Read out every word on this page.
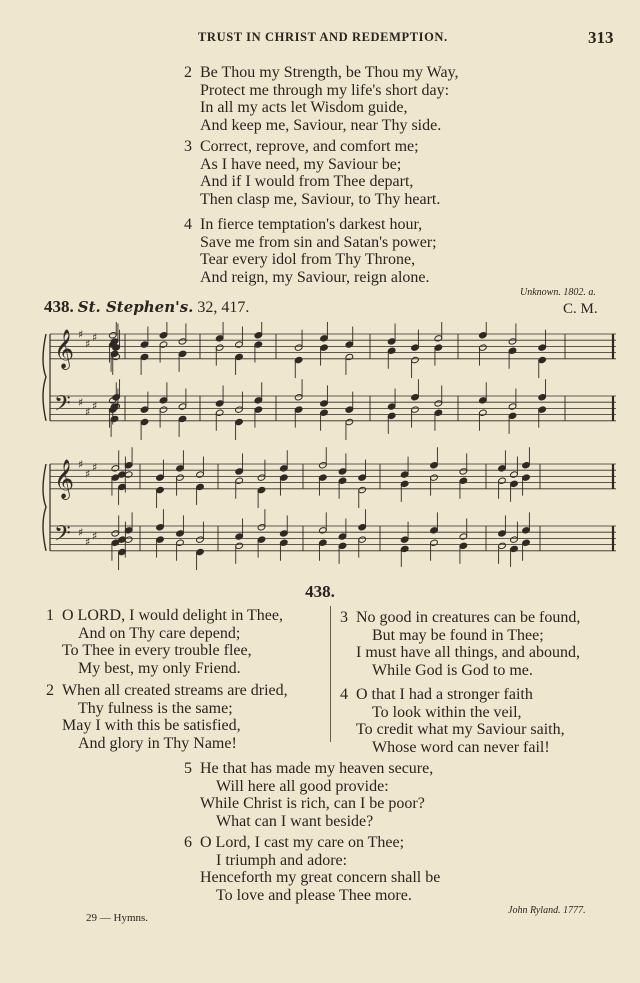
TRUST IN CHRIST AND REDEMPTION.	313
2 Be Thou my Strength, be Thou my Way,
Protect me through my life's short day:
In all my acts let Wisdom guide,
And keep me, Saviour, near Thy side.
3 Correct, reprove, and comfort me;
As I have need, my Saviour be;
And if I would from Thee depart,
Then clasp me, Saviour, to Thy heart.
4 In fierce temptation's darkest hour,
Save me from sin and Satan's power;
Tear every idol from Thy Throne,
And reign, my Saviour, reign alone.
Unknown. 1802. a.
438. St. Stephen's. 32, 417.	C. M.
𝄞 ♯
♯ ♯
𝄢 ♯
♯ ♯
𝄞 ♯
♯ ♯
𝄢 ♯
♯ ♯
438.
1 O LORD, I would delight in Thee,
And on Thy care depend;
To Thee in every trouble flee,
My best, my only Friend.
2 When all created streams are dried,
Thy fulness is the same;
May I with this be satisfied,
And glory in Thy Name!
3 No good in creatures can be found,
But may be found in Thee;
I must have all things, and abound,
While God is God to me.
4 O that I had a stronger faith
To look within the veil,
To credit what my Saviour saith,
Whose word can never fail!
5 He that has made my heaven secure,
Will here all good provide:
While Christ is rich, can I be poor?
What can I want beside?
6 O Lord, I cast my care on Thee;
I triumph and adore:
Henceforth my great concern shall be
To love and please Thee more.
John Ryland. 1777.
29 — Hymns.
